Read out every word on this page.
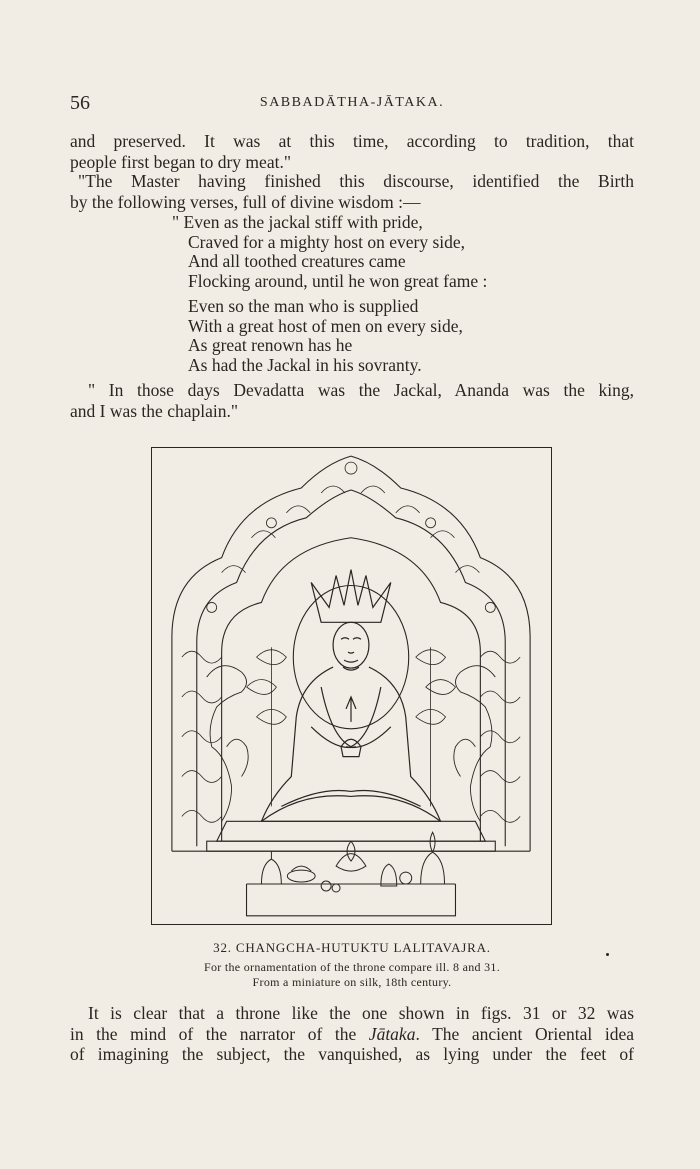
56	SABBADĀTHA-JĀTAKA.
and preserved. It was at this time, according to tradition, that
people first began to dry meat."
"The Master having finished this discourse, identified the Birth
by the following verses, full of divine wisdom :—
" Even as the jackal stiff with pride,
Craved for a mighty host on every side,
And all toothed creatures came
Flocking around, until he won great fame :
Even so the man who is supplied
With a great host of men on every side,
As great renown has he
As had the Jackal in his sovranty.
" In those days Devadatta was the Jackal, Ananda was the king,
and I was the chaplain."
32. CHANGCHA-HUTUKTU LALITAVAJRA.
For the ornamentation of the throne compare ill. 8 and 31.
From a miniature on silk, 18th century.
It is clear that a throne like the one shown in figs. 31 or 32 was
in the mind of the narrator of the Jātaka. The ancient Oriental idea
of imagining the subject, the vanquished, as lying under the feet of
